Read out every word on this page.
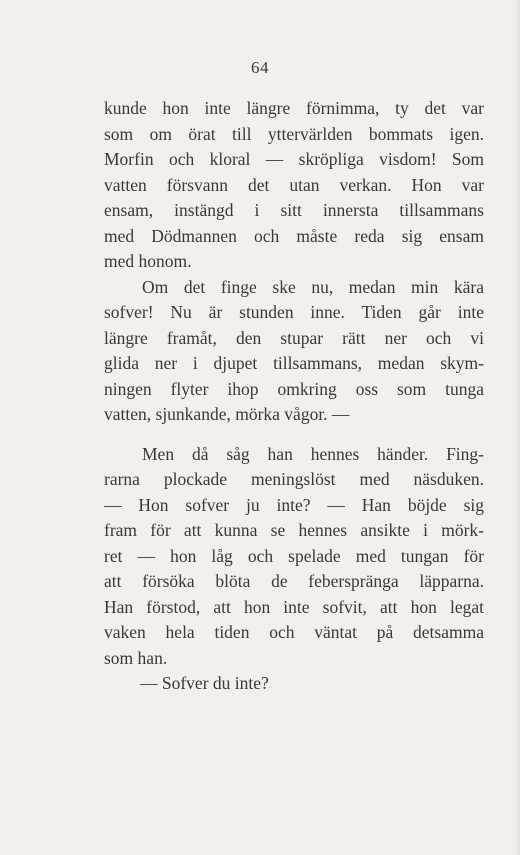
64
kunde hon inte längre förnimma, ty det var
som om örat till yttervärlden bommats igen.
Morfin och kloral — skröpliga visdom! Som
vatten försvann det utan verkan. Hon var
ensam, instängd i sitt innersta tillsammans
med Dödmannen och måste reda sig ensam
med honom.
Om det finge ske nu, medan min kära
sofver! Nu är stunden inne. Tiden går inte
längre framåt, den stupar rätt ner och vi
glida ner i djupet tillsammans, medan skym-
ningen flyter ihop omkring oss som tunga
vatten, sjunkande, mörka vågor. —
Men då såg han hennes händer. Fing-
rarna plockade meningslöst med näsduken.
— Hon sofver ju inte? — Han böjde sig
fram för att kunna se hennes ansikte i mörk-
ret — hon låg och spelade med tungan för
att försöka blöta de feberspränga läpparna.
Han förstod, att hon inte sofvit, att hon legat
vaken hela tiden och väntat på detsamma
som han.
— Sofver du inte?
